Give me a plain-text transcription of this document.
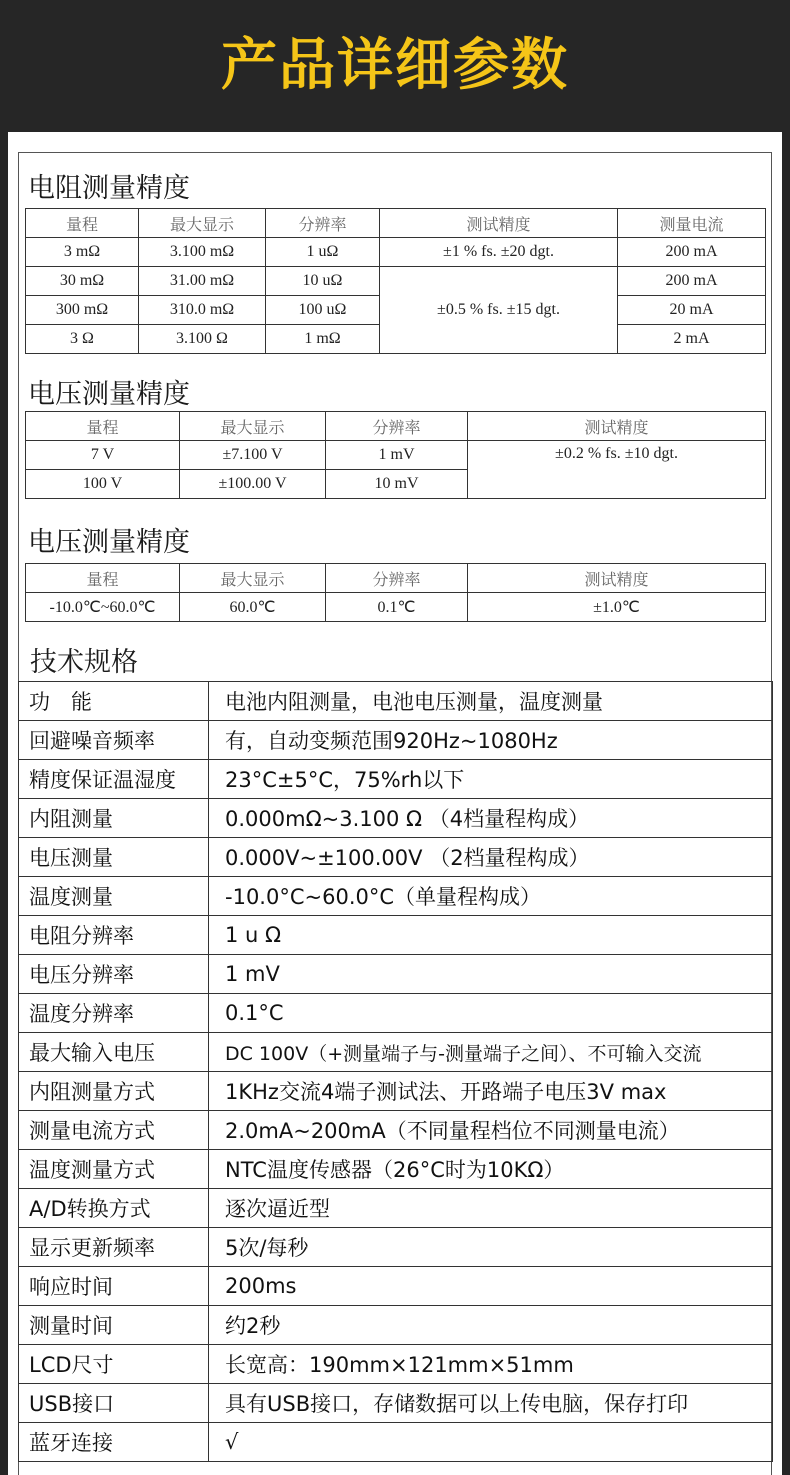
产品详细参数
电阻测量精度
量程	最大显示	分辨率	测试精度	测量电流
3 mΩ	3.100 mΩ	1 uΩ	±1 % fs. ±20 dgt.	200 mA
30 mΩ	31.00 mΩ	10 uΩ	±0.5 % fs. ±15 dgt.	200 mA
300 mΩ	310.0 mΩ	100 uΩ		20 mA
3 Ω	3.100 Ω	1 mΩ		2 mA
电压测量精度
量程	最大显示	分辨率	测试精度
7 V	±7.100 V	1 mV	±0.2 % fs. ±10 dgt.
100 V	±100.00 V	10 mV	
电压测量精度
量程	最大显示	分辨率	测试精度
-10.0℃~60.0℃	60.0℃	0.1℃	±1.0℃
技术规格
功　能	电池内阻测量，电池电压测量，温度测量
回避噪音频率	有，自动变频范围920Hz~1080Hz
精度保证温湿度	23°C±5°C，75%rh以下
内阻测量	0.000mΩ~3.100 Ω （4档量程构成）
电压测量	0.000V~±100.00V （2档量程构成）
温度测量	-10.0°C~60.0°C（单量程构成）
电阻分辨率	1 u Ω
电压分辨率	1 mV
温度分辨率	0.1°C
最大输入电压	DC 100V（+测量端子与-测量端子之间）、不可输入交流
内阻测量方式	1KHz交流4端子测试法、开路端子电压3V max
测量电流方式	2.0mA~200mA（不同量程档位不同测量电流）
温度测量方式	NTC温度传感器（26°C时为10KΩ）
A/D转换方式	逐次逼近型
显示更新频率	5次/每秒
响应时间	200ms
测量时间	约2秒
LCD尺寸	长宽高：190mm×121mm×51mm
USB接口	具有USB接口，存储数据可以上传电脑，保存打印
蓝牙连接	√
